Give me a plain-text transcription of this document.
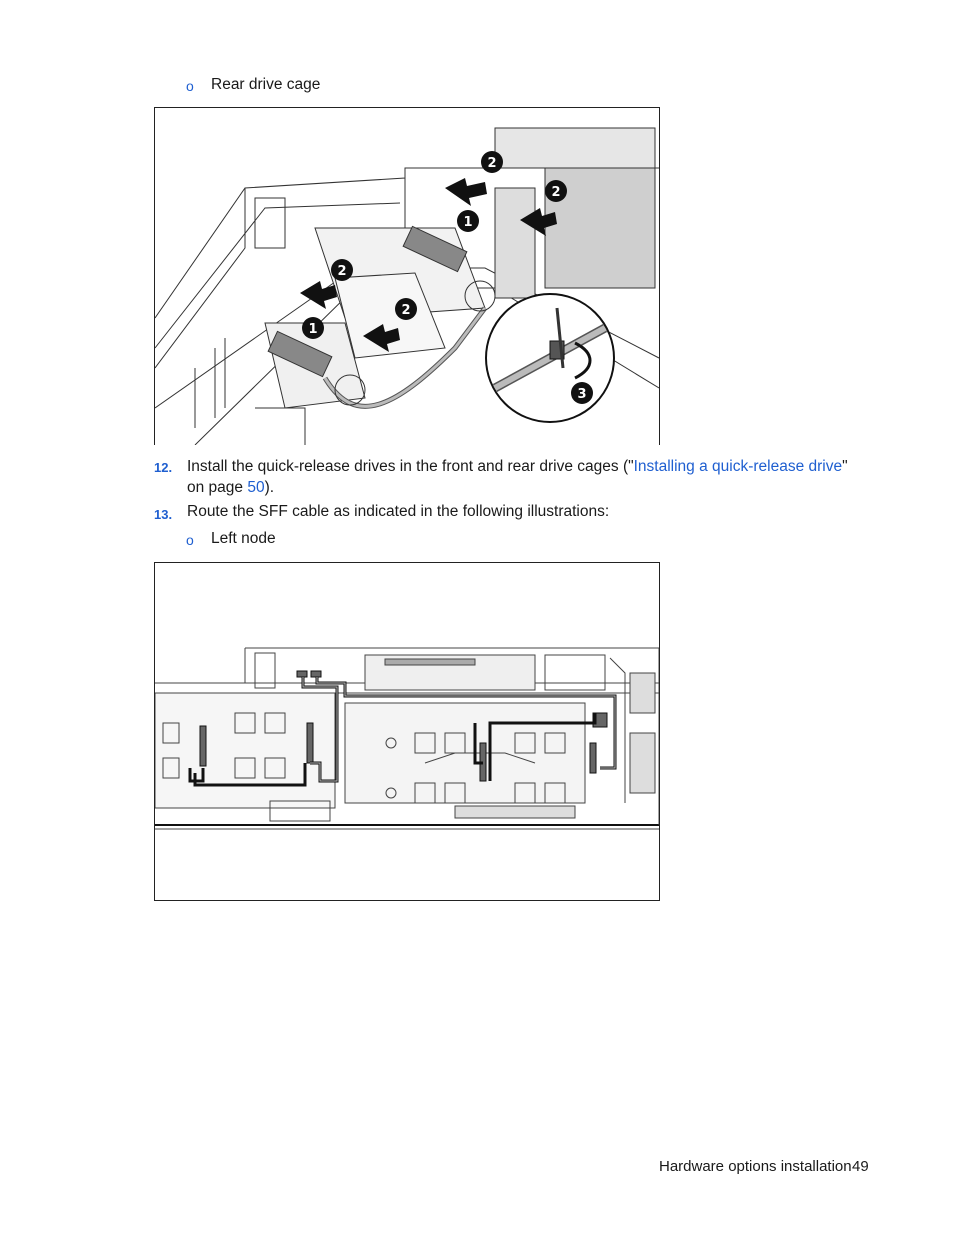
o Rear drive cage
2
2
1
2
2
1
3
12. Install the quick-release drives in the front and rear drive cages ("Installing a quick-release drive" on page 50).
13. Route the SFF cable as indicated in the following illustrations:
o Left node
Hardware options installation 49
